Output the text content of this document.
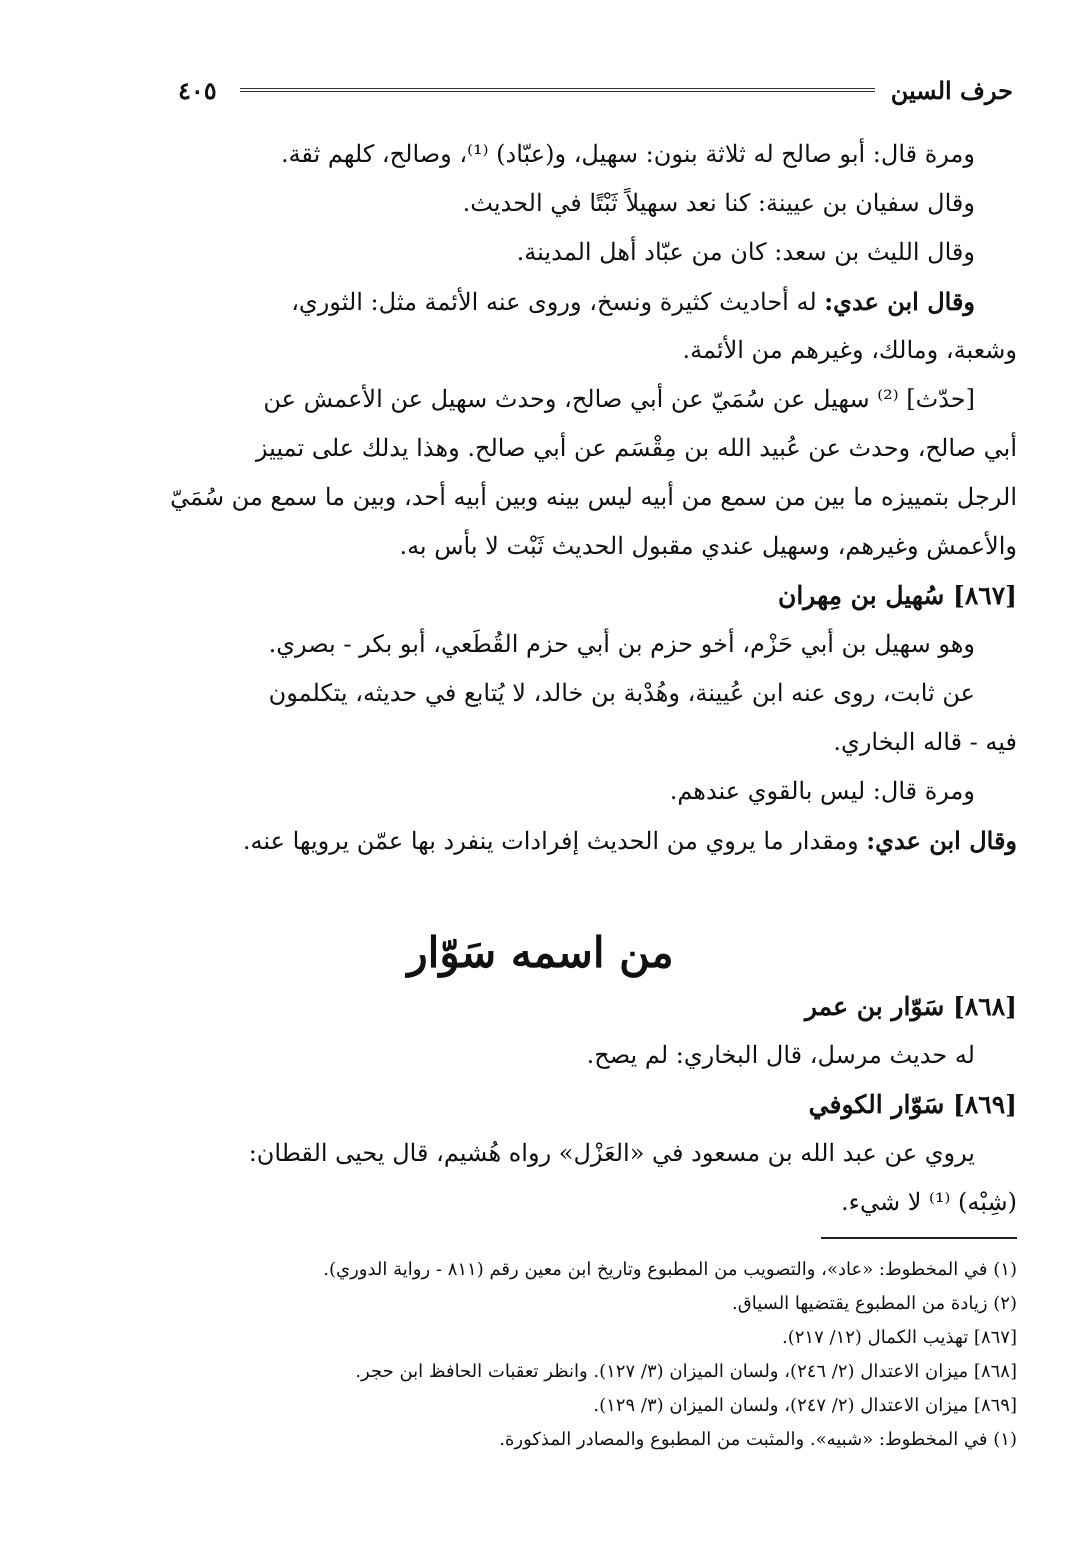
حرف السين
٤٠٥
ومرة قال: أبو صالح له ثلاثة بنون: سهيل، و(عبّاد) ⁽¹⁾، وصالح، كلهم ثقة.
وقال سفيان بن عيينة: كنا نعد سهيلاً ثَبْتًا في الحديث.
وقال الليث بن سعد: كان من عبّاد أهل المدينة.
وقال ابن عدي: له أحاديث كثيرة ونسخ، وروى عنه الأئمة مثل: الثوري،
وشعبة، ومالك، وغيرهم من الأئمة.
[حدّث] ⁽²⁾ سهيل عن سُمَيّ عن أبي صالح، وحدث سهيل عن الأعمش عن
أبي صالح، وحدث عن عُبيد الله بن مِقْسَم عن أبي صالح. وهذا يدلك على تمييز
الرجل بتمييزه ما بين من سمع من أبيه ليس بينه وبين أبيه أحد، وبين ما سمع من سُمَيّ
والأعمش وغيرهم، وسهيل عندي مقبول الحديث ثَبْت لا بأس به.
[٨٦٧] سُهيل بن مِهران
وهو سهيل بن أبي حَزْم، أخو حزم بن أبي حزم القُطَعي، أبو بكر - بصري.
عن ثابت، روى عنه ابن عُيينة، وهُدْبة بن خالد، لا يُتابع في حديثه، يتكلمون
فيه - قاله البخاري.
ومرة قال: ليس بالقوي عندهم.
وقال ابن عدي: ومقدار ما يروي من الحديث إفرادات ينفرد بها عمّن يرويها عنه.
من اسمه سَوّار
[٨٦٨] سَوّار بن عمر
له حديث مرسل، قال البخاري: لم يصح.
[٨٦٩] سَوّار الكوفي
يروي عن عبد الله بن مسعود في «العَزْل» رواه هُشيم، قال يحيى القطان:
(شِبْه) ⁽¹⁾ لا شيء.
(١) في المخطوط: «عاد»، والتصويب من المطبوع وتاريخ ابن معين رقم (٨١١ - رواية الدوري).
(٢) زيادة من المطبوع يقتضيها السياق.
[٨٦٧] تهذيب الكمال (١٢/ ٢١٧).
[٨٦٨] ميزان الاعتدال (٢/ ٢٤٦)، ولسان الميزان (٣/ ١٢٧). وانظر تعقبات الحافظ ابن حجر.
[٨٦٩] ميزان الاعتدال (٢/ ٢٤٧)، ولسان الميزان (٣/ ١٢٩).
(١) في المخطوط: «شبيه». والمثبت من المطبوع والمصادر المذكورة.
